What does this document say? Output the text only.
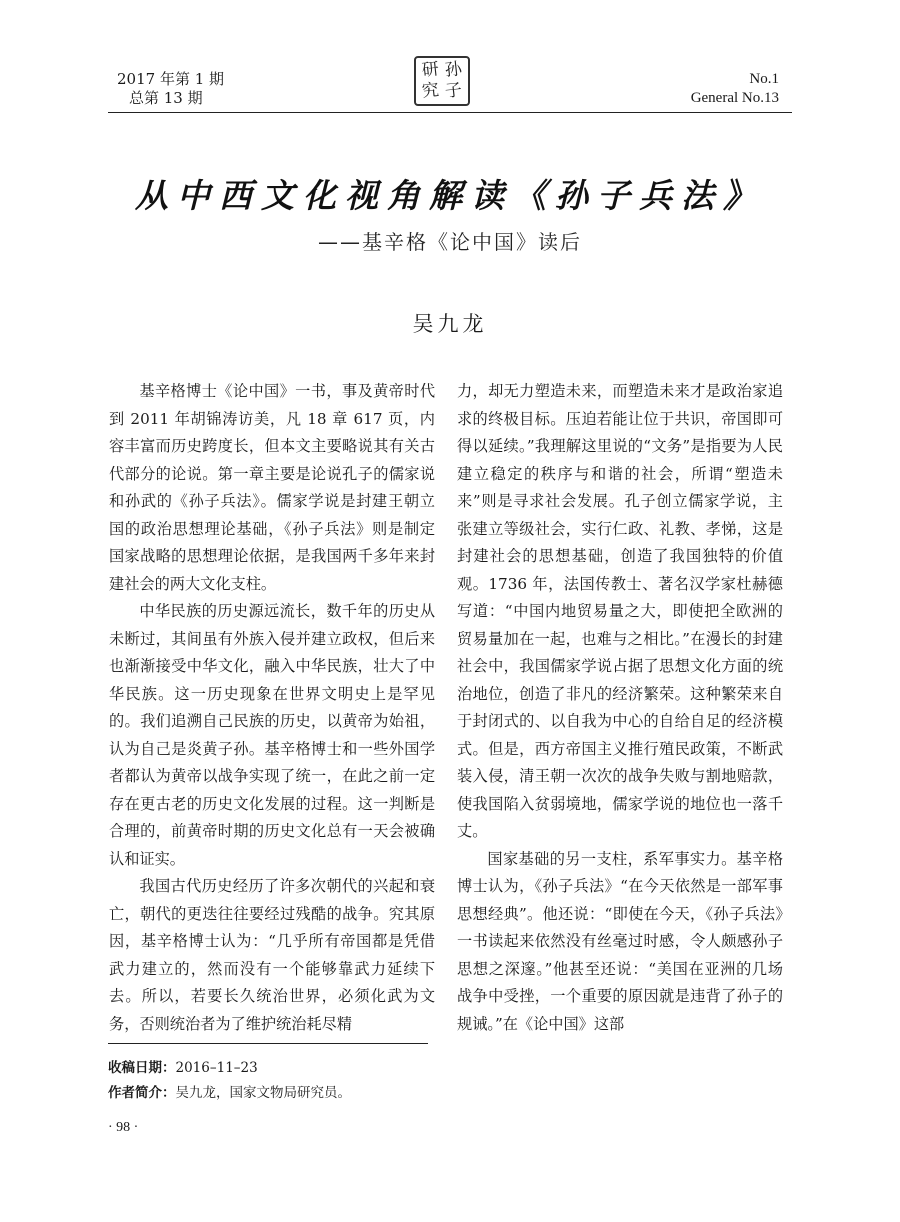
2017 年第 1 期
总第 13 期
研 孙
究 子
No.1
General No.13
从中西文化视角解读《孙子兵法》
——基辛格《论中国》读后
吴九龙

基辛格博士《论中国》一书，事及黄帝时代到 2011 年胡锦涛访美，凡 18 章 617 页，内容丰富而历史跨度长，但本文主要略说其有关古代部分的论说。第一章主要是论说孔子的儒家说和孙武的《孙子兵法》。儒家学说是封建王朝立国的政治思想理论基础，《孙子兵法》则是制定国家战略的思想理论依据，是我国两千多年来封建社会的两大文化支柱。

中华民族的历史源远流长，数千年的历史从未断过，其间虽有外族入侵并建立政权，但后来也渐渐接受中华文化，融入中华民族，壮大了中华民族。这一历史现象在世界文明史上是罕见的。我们追溯自己民族的历史，以黄帝为始祖，认为自己是炎黄子孙。基辛格博士和一些外国学者都认为黄帝以战争实现了统一，在此之前一定存在更古老的历史文化发展的过程。这一判断是合理的，前黄帝时期的历史文化总有一天会被确认和证实。

我国古代历史经历了许多次朝代的兴起和衰亡，朝代的更迭往往要经过残酷的战争。究其原因，基辛格博士认为：“几乎所有帝国都是凭借武力建立的，然而没有一个能够靠武力延续下去。所以，若要长久统治世界，必须化武为文务，否则统治者为了维护统治耗尽精

力，却无力塑造未来，而塑造未来才是政治家追求的终极目标。压迫若能让位于共识，帝国即可得以延续。”我理解这里说的“文务”是指要为人民建立稳定的秩序与和谐的社会，所谓“塑造未来”则是寻求社会发展。孔子创立儒家学说，主张建立等级社会，实行仁政、礼教、孝悌，这是封建社会的思想基础，创造了我国独特的价值观。1736 年，法国传教士、著名汉学家杜赫德写道：“中国内地贸易量之大，即使把全欧洲的贸易量加在一起，也难与之相比。”在漫长的封建社会中，我国儒家学说占据了思想文化方面的统治地位，创造了非凡的经济繁荣。这种繁荣来自于封闭式的、以自我为中心的自给自足的经济模式。但是，西方帝国主义推行殖民政策，不断武装入侵，清王朝一次次的战争失败与割地赔款，使我国陷入贫弱境地，儒家学说的地位也一落千丈。

国家基础的另一支柱，系军事实力。基辛格博士认为，《孙子兵法》“在今天依然是一部军事思想经典”。他还说：“即使在今天，《孙子兵法》一书读起来依然没有丝毫过时感，令人颇感孙子思想之深邃。”他甚至还说：“美国在亚洲的几场战争中受挫，一个重要的原因就是违背了孙子的规诫。”在《论中国》这部

收稿日期：2016–11–23
作者简介：吴九龙，国家文物局研究员。
· 98 ·
